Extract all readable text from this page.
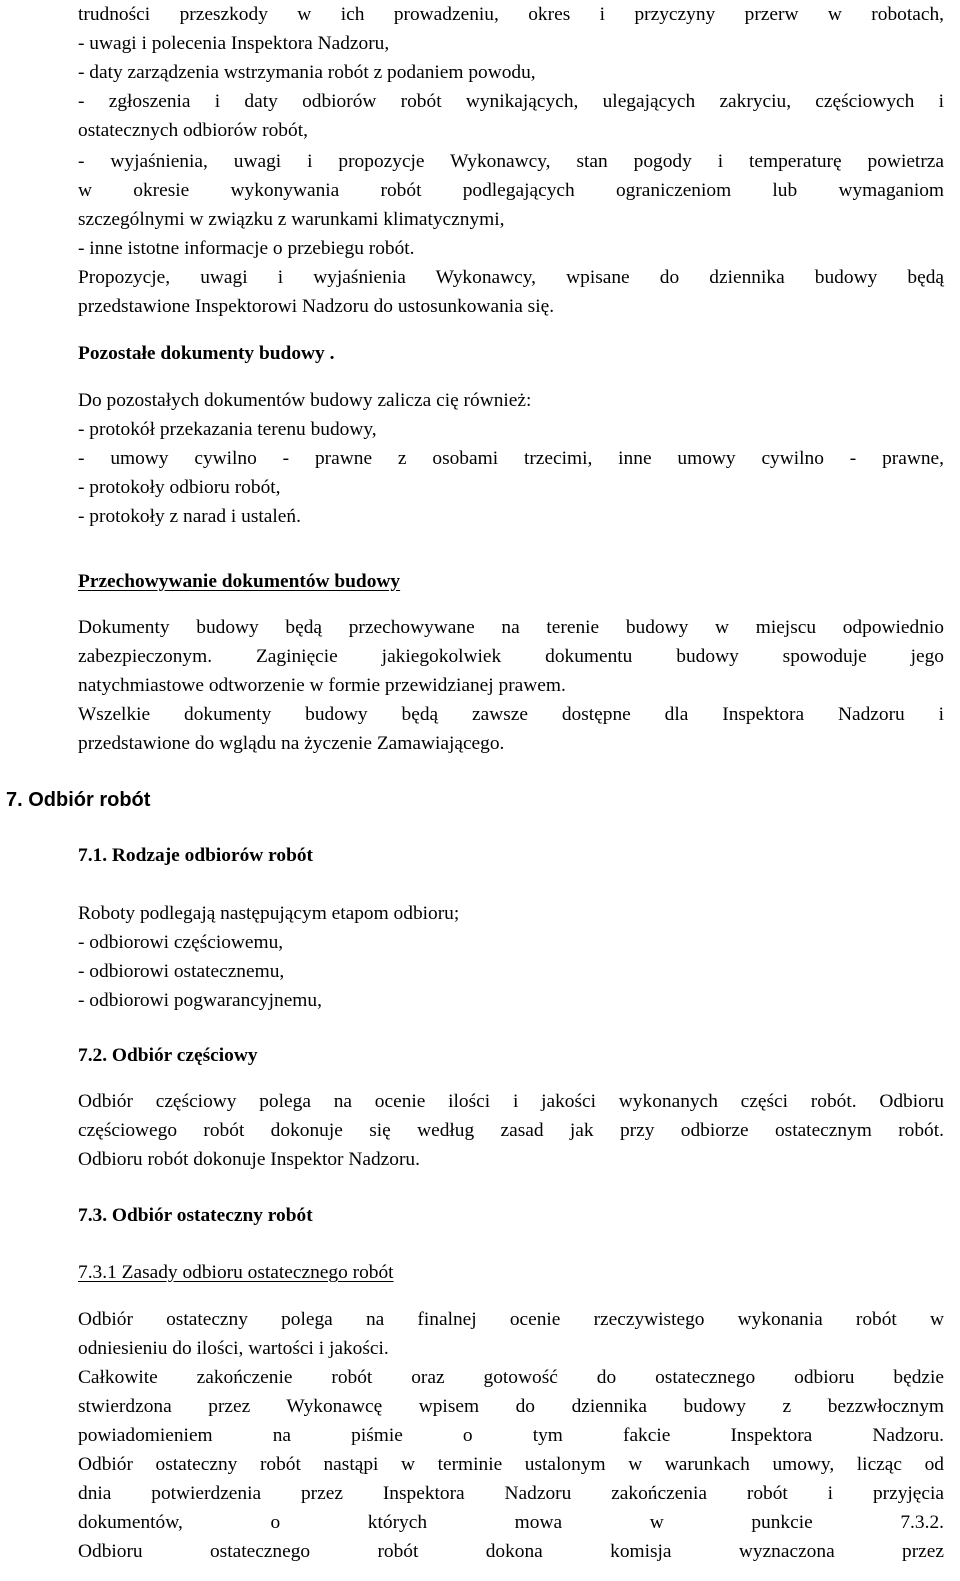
7. Odbiór robót
trudności przeszkody w ich prowadzeniu, okres i przyczyny przerw w robotach,
- uwagi i polecenia Inspektora Nadzoru,
- daty zarządzenia wstrzymania robót z podaniem powodu,
- zgłoszenia i daty odbiorów robót wynikających, ulegających zakryciu, częściowych i
ostatecznych odbiorów robót,
- wyjaśnienia, uwagi i propozycje Wykonawcy, stan pogody i temperaturę powietrza
w okresie wykonywania robót podlegających ograniczeniom lub wymaganiom
szczególnymi w związku z warunkami klimatycznymi,
- inne istotne informacje o przebiegu robót.
Propozycje, uwagi i wyjaśnienia Wykonawcy, wpisane do dziennika budowy będą
przedstawione Inspektorowi Nadzoru do ustosunkowania się.
Pozostałe dokumenty budowy .
Do pozostałych dokumentów budowy zalicza cię również:
- protokół przekazania terenu budowy,
- umowy cywilno - prawne z osobami trzecimi, inne umowy cywilno - prawne,
- protokoły odbioru robót,
- protokoły z narad i ustaleń.
Przechowywanie dokumentów budowy
Dokumenty budowy będą przechowywane na terenie budowy w miejscu odpowiednio
zabezpieczonym. Zaginięcie jakiegokolwiek dokumentu budowy spowoduje jego
natychmiastowe odtworzenie w formie przewidzianej prawem.
Wszelkie dokumenty budowy będą zawsze dostępne dla Inspektora Nadzoru i
przedstawione do wglądu na życzenie Zamawiającego.
7.1. Rodzaje odbiorów robót
Roboty podlegają następującym etapom odbioru;
- odbiorowi częściowemu,
- odbiorowi ostatecznemu,
- odbiorowi pogwarancyjnemu,
7.2. Odbiór częściowy
Odbiór częściowy polega na ocenie ilości i jakości wykonanych części robót. Odbioru
częściowego robót dokonuje się według zasad jak przy odbiorze ostatecznym robót.
Odbioru robót dokonuje Inspektor Nadzoru.
7.3. Odbiór ostateczny robót
7.3.1 Zasady odbioru ostatecznego robót
Odbiór ostateczny polega na finalnej ocenie rzeczywistego wykonania robót w
odniesieniu do ilości, wartości i jakości.
Całkowite zakończenie robót oraz gotowość do ostatecznego odbioru będzie
stwierdzona przez Wykonawcę wpisem do dziennika budowy z bezzwłocznym
powiadomieniem na piśmie o tym fakcie Inspektora Nadzoru.
Odbiór ostateczny robót nastąpi w terminie ustalonym w warunkach umowy, licząc od
dnia potwierdzenia przez Inspektora Nadzoru zakończenia robót i przyjęcia
dokumentów, o których mowa w punkcie 7.3.2.
Odbioru ostatecznego robót dokona komisja wyznaczona przez
